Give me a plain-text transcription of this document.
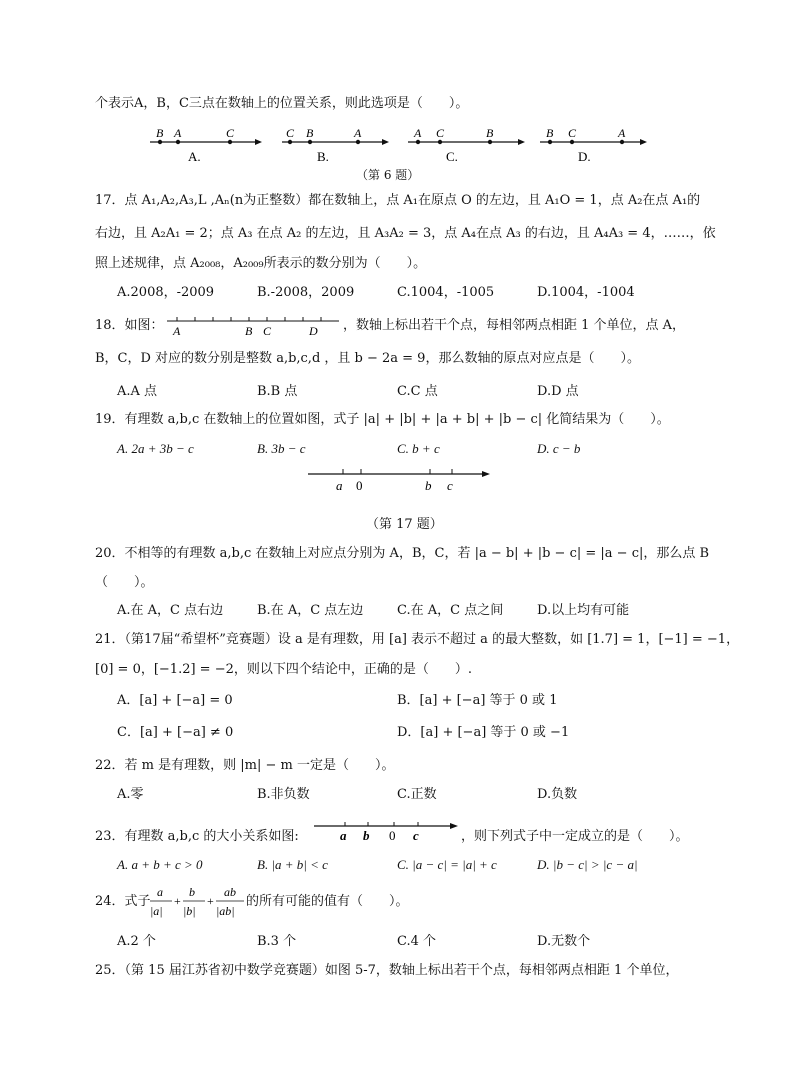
个表示A，B，C三点在数轴上的位置关系，则此选项是（　　）。
B A	C
A.
C B	A
B.
A C	B
C.
B C	A
D.
（第 6 题）
17．点 A₁,A₂,A₃,L ,Aₙ(n为正整数）都在数轴上，点 A₁在原点 O 的左边，且 A₁O = 1，点 A₂在点 A₁的
右边，且 A₂A₁ = 2；点 A₃ 在点 A₂ 的左边，且 A₃A₂ = 3，点 A₄在点 A₃ 的右边，且 A₄A₃ = 4，……，依
照上述规律，点 A₂₀₀₈，A₂₀₀₉所表示的数分别为（　　）。
A.2008，-2009	B.-2008，2009	C.1004，-1005	D.1004，-1004
18．如图： A	B C	D ，数轴上标出若干个点，每相邻两点相距 1 个单位，点 A，
B，C，D 对应的数分别是整数 a,b,c,d ，且 b − 2a = 9，那么数轴的原点对应点是（　　）。
A.A 点	B.B 点	C.C 点	D.D 点
19．有理数 a,b,c 在数轴上的位置如图，式子 |a| + |b| + |a + b| + |b − c| 化简结果为（　　）。
A. 2a + 3b − c	B. 3b − c	C. b + c	D. c − b
a 0	b c
（第 17 题）
20．不相等的有理数 a,b,c 在数轴上对应点分别为 A，B，C，若 |a − b| + |b − c| = |a − c|，那么点 B
（　　）。
A.在 A，C 点右边	B.在 A，C 点左边	C.在 A，C 点之间	D.以上均有可能
21．（第17届“希望杯”竞赛题）设 a 是有理数，用 [a] 表示不超过 a 的最大整数，如 [1.7] = 1，[−1] = −1，
[0] = 0，[−1.2] = −2，则以下四个结论中，正确的是（　　）.
A．[a] + [−a] = 0	B．[a] + [−a] 等于 0 或 1
C．[a] + [−a] ≠ 0	D．[a] + [−a] 等于 0 或 −1
22．若 m 是有理数，则 |m| − m 一定是（　　）。
A.零	B.非负数	C.正数	D.负数
23．有理数 a,b,c 的大小关系如图:	a b 0 c	，则下列式子中一定成立的是（　　）。
A. a + b + c > 0	B. |a + b| < c	C. |a − c| = |a| + c	D. |b − c| > |c − a|
24．式子
a
|a|
+
b
|b|
+
ab
|ab|
的所有可能的值有（　　）。
A.2 个	B.3 个	C.4 个	D.无数个
25．（第 15 届江苏省初中数学竞赛题）如图 5-7，数轴上标出若干个点，每相邻两点相距 1 个单位，
